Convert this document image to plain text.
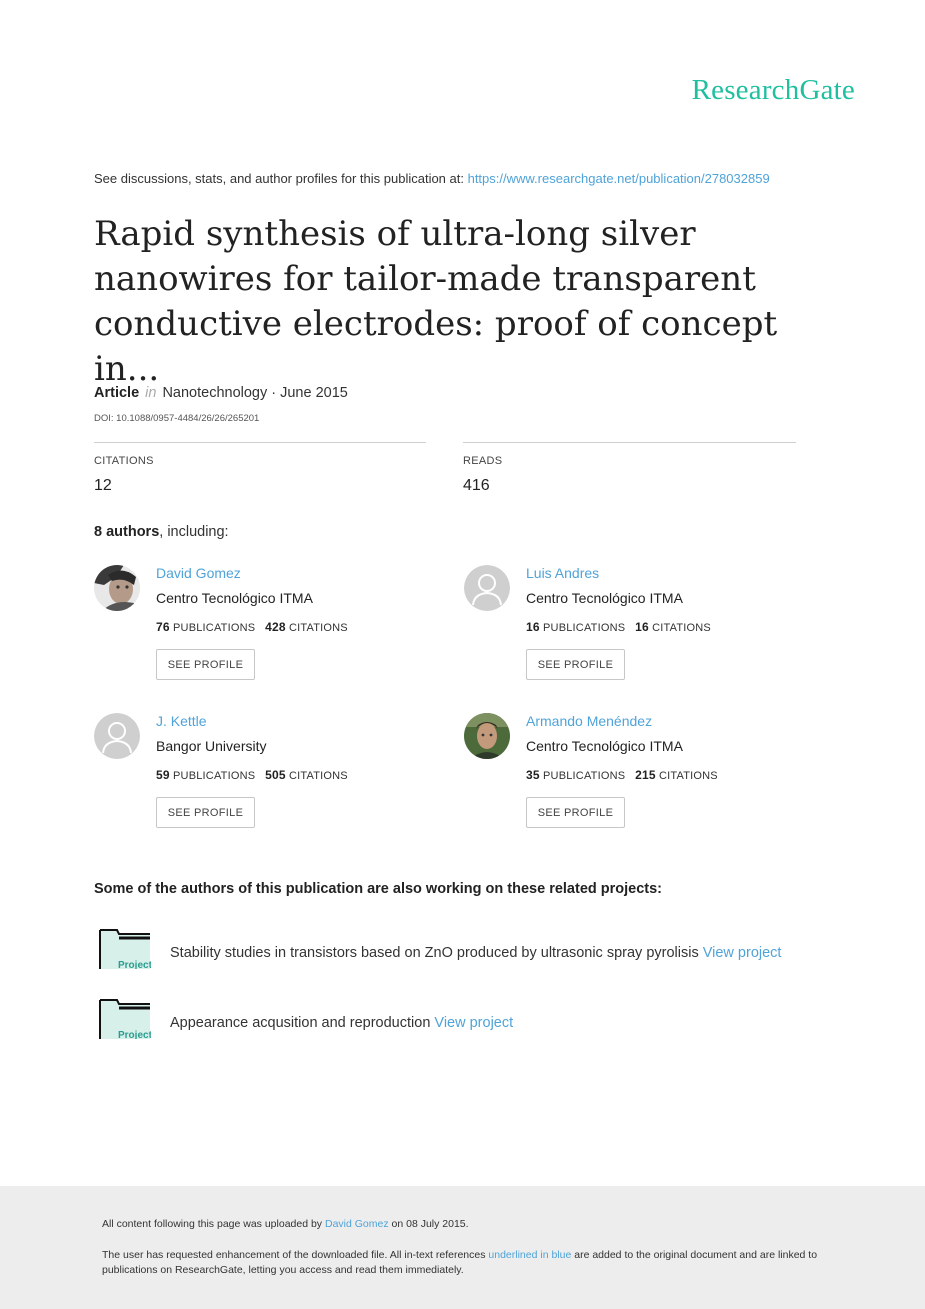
ResearchGate
See discussions, stats, and author profiles for this publication at: https://www.researchgate.net/publication/278032859
Rapid synthesis of ultra-long silver nanowires for tailor-made transparent conductive electrodes: proof of concept in...
Article in Nanotechnology · June 2015
DOI: 10.1088/0957-4484/26/26/265201
CITATIONS
12
READS
416
8 authors, including:
David Gomez
Centro Tecnológico ITMA
76 PUBLICATIONS 428 CITATIONS
SEE PROFILE
Luis Andres
Centro Tecnológico ITMA
16 PUBLICATIONS 16 CITATIONS
SEE PROFILE
J. Kettle
Bangor University
59 PUBLICATIONS 505 CITATIONS
SEE PROFILE
Armando Menéndez
Centro Tecnológico ITMA
35 PUBLICATIONS 215 CITATIONS
SEE PROFILE
Some of the authors of this publication are also working on these related projects:
Project
Stability studies in transistors based on ZnO produced by ultrasonic spray pyrolisis View project
Project
Appearance acqusition and reproduction View project
All content following this page was uploaded by David Gomez on 08 July 2015.
The user has requested enhancement of the downloaded file. All in-text references underlined in blue are added to the original document and are linked to publications on ResearchGate, letting you access and read them immediately.
